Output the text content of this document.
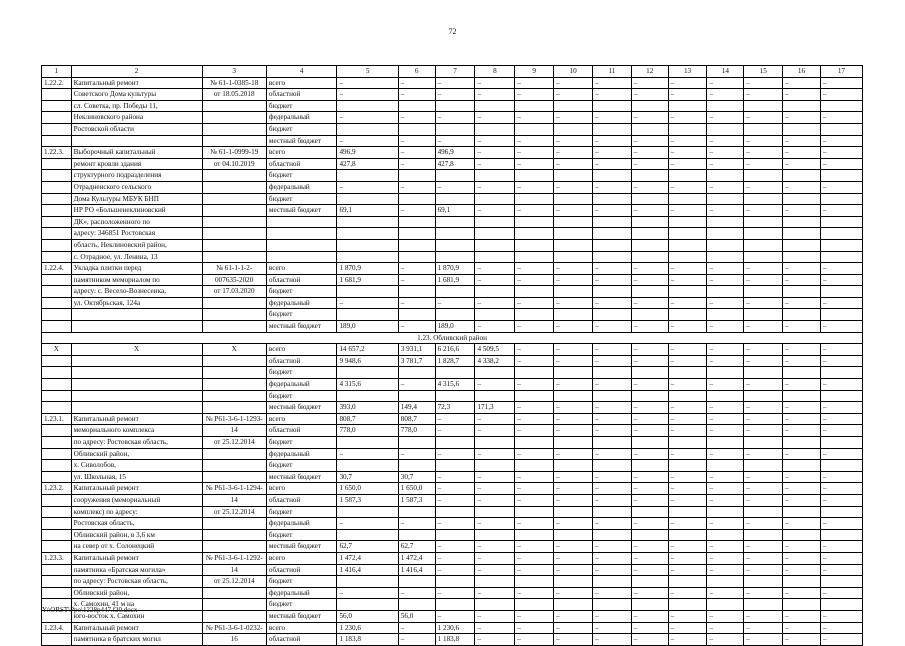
72
1	2	3	4	5	6	7	8	9	10	11	12	13	14	15	16	17
1.22.2.	Капитальный ремонт	№ 61-1-0385-18	всего	–	–	–	–	–	–	–	–	–	–	–	–	–
	Советского Дома культуры	от 18.05.2018	областной	–	–	–	–	–	–	–	–	–	–	–	–	–
	сл. Советка, пр. Победы 11,		бюджет													
	Неклиновского района		федеральный	–	–	–	–	–	–	–	–	–	–	–	–	–
	Ростовской области		бюджет													
			местный бюджет	–	–	–	–	–	–	–	–	–	–	–	–	–
1.22.3.	Выборочный капитальный	№ 61-1-0999-19	всего	496,9	–	496,9	–	–	–	–	–	–	–	–	–	–
	ремонт кровли здания	от 04.10.2019	областной	427,8	–	427,8	–	–	–	–	–	–	–	–	–	–
	структурного подразделения		бюджет													
	Отрадненского сельского		федеральный	–	–	–	–	–	–	–	–	–	–	–	–	–
	Дома Культуры МБУК БНП		бюджет													
	НР РО «Большенеклиновский		местный бюджет	69,1	–	69,1	–	–	–	–	–	–	–	–	–	–
	ДК», расположенного по															
	адресу: 346851 Ростовская															
	область, Неклиновский район,															
	с. Отрадное, ул. Ленина, 13															
1.22.4.	Укладка плитки перед	№ 61-1-1-2-	всего	1 870,9	–	1 870,9	–	–	–	–	–	–	–	–	–	–
	памятником мемориалом по	007635-2020	областной	1 681,9	–	1 681,9	–	–	–	–	–	–	–	–	–	–
	адресу: с. Весело-Вознесенка,	от 17.03.2020	бюджет													
	ул. Октябрьская, 124а		федеральный	–	–	–	–	–	–	–	–	–	–	–	–	–
			бюджет													
			местный бюджет	189,0	–	189,0	–	–	–	–	–	–	–	–	–	–
1.23. Обливский район																
Х	Х	Х	всего	14 657,2	3 931,1	6 216,6	4 509,5	–	–	–	–	–	–	–	–	–
			областной	9 948,6	3 781,7	1 828,7	4 338,2	–	–	–	–	–	–	–	–	–
			бюджет													
			федеральный	4 315,6	–	4 315,6	–	–	–	–	–	–	–	–	–	–
			бюджет													
			местный бюджет	393,0	149,4	72,3	171,3	–	–	–	–	–	–	–	–	–
1.23.1.	Капитальный ремонт	№ Р61-3-6-1-1293-	всего	808,7	808,7	–	–	–	–	–	–	–	–	–	–	–
	мемориального комплекса	14	областной	778,0	778,0	–	–	–	–	–	–	–	–	–	–	–
	по адресу: Ростовская область,	от 25.12.2014	бюджет													
	Обливский район,		федеральный	–	–	–	–	–	–	–	–	–	–	–	–	–
	х. Сиволобов,		бюджет													
	ул. Школьная, 15		местный бюджет	30,7	30,7	–	–	–	–	–	–	–	–	–	–	–
1.23.2.	Капитальный ремонт	№ Р61-3-6-1-1294-	всего	1 650,0	1 650,0	–	–	–	–	–	–	–	–	–	–	–
	сооружения (мемориальный	14	областной	1 587,3	1 587,3	–	–	–	–	–	–	–	–	–	–	–
	комплекс) по адресу:	от 25.12.2014	бюджет													
	Ростовская область,		федеральный	–	–	–	–	–	–	–	–	–	–	–	–	–
	Обливский район, в 3,6 км		бюджет													
	на север от х. Солонецкий		местный бюджет	62,7	62,7	–	–	–	–	–	–	–	–	–	–	–
1.23.3.	Капитальный ремонт	№ Р61-3-6-1-1292-	всего	1 472,4	1 472,4	–	–	–	–	–	–	–	–	–	–	–
	памятника «Братская могила»	14	областной	1 416,4	1 416,4	–	–	–	–	–	–	–	–	–	–	–
	по адресу: Ростовская область,	от 25.12.2014	бюджет													
	Обливский район,		федеральный	–	–	–	–	–	–	–	–	–	–	–	–	–
	х. Самохин, 41 м на		бюджет													
	юго-восток х. Самохин		местный бюджет	56,0	56,0	–	–	–	–	–	–	–	–	–	–	–
1.23.4.	Капитальный ремонт	№ Р61-3-6-1-0232-	всего	1 230,6	–	1 230,6	–	–	–	–	–	–	–	–	–	–
	памятника в братских могил	16	областной	1 183,8	–	1 183,8	–	–	–	–	–	–	–	–	–	–
Y:\ORST\Ppo\1228p447.f20.docx
